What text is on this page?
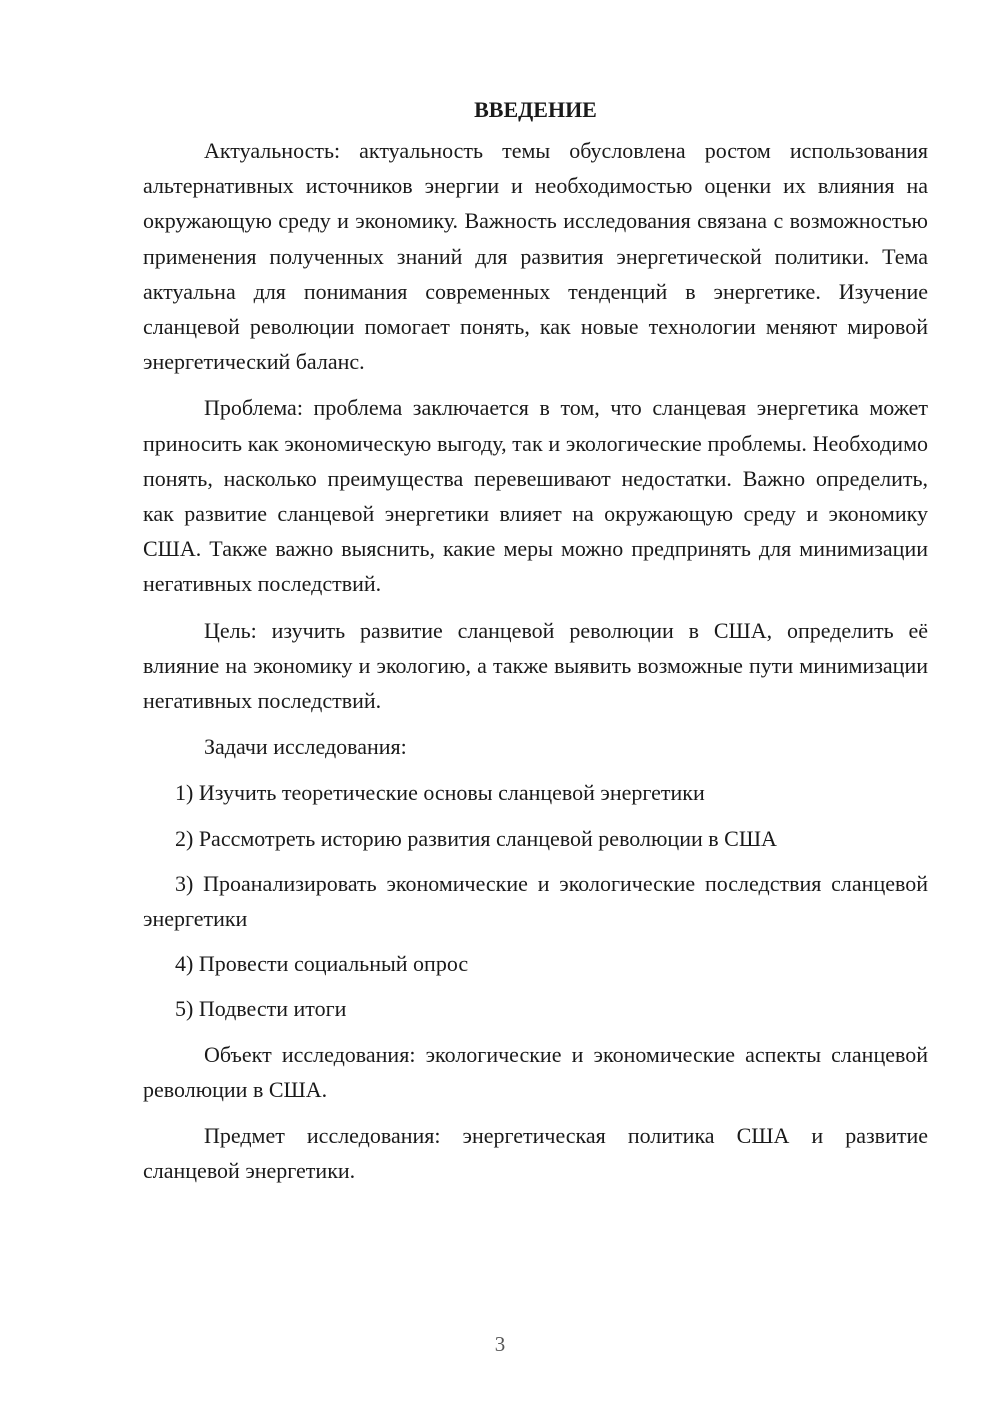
ВВЕДЕНИЕ

Актуальность: актуальность темы обусловлена ростом использования альтернативных источников энергии и необходимостью оценки их влияния на окружающую среду и экономику. Важность исследования связана с возможностью применения полученных знаний для развития энергетической политики. Тема актуальна для понимания современных тенденций в энергетике. Изучение сланцевой революции помогает понять, как новые технологии меняют мировой энергетический баланс.

Проблема: проблема заключается в том, что сланцевая энергетика может приносить как экономическую выгоду, так и экологические проблемы. Необходимо понять, насколько преимущества перевешивают недостатки. Важно определить, как развитие сланцевой энергетики влияет на окружающую среду и экономику США. Также важно выяснить, какие меры можно предпринять для минимизации негативных последствий.

Цель: изучить развитие сланцевой революции в США, определить её влияние на экономику и экологию, а также выявить возможные пути минимизации негативных последствий.

Задачи исследования:

1) Изучить теоретические основы сланцевой энергетики

2) Рассмотреть историю развития сланцевой революции в США

3) Проанализировать экономические и экологические последствия сланцевой энергетики

4) Провести социальный опрос

5) Подвести итоги

Объект исследования: экологические и экономические аспекты сланцевой революции в США.

Предмет исследования: энергетическая политика США и развитие сланцевой энергетики.

3
